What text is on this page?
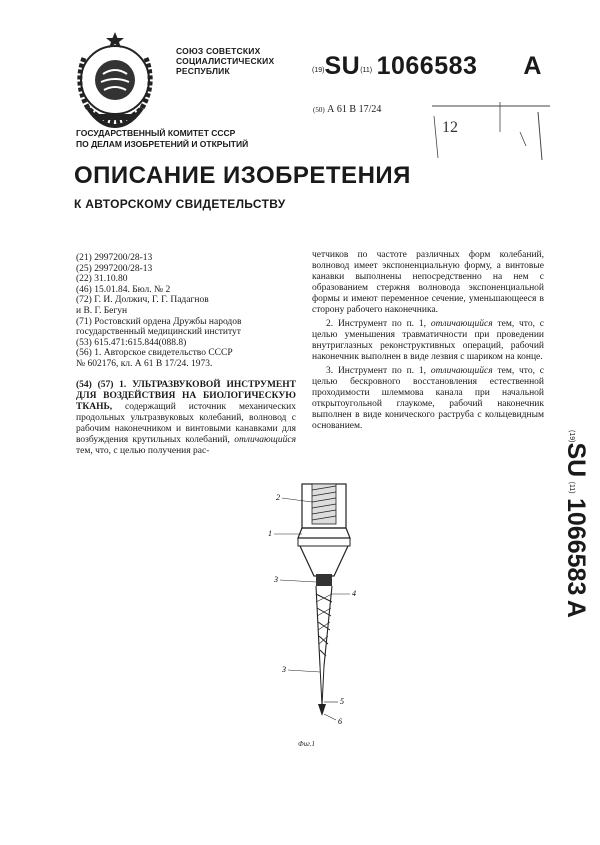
СОЮЗ СОВЕТСКИХ
СОЦИАЛИСТИЧЕСКИХ
РЕСПУБЛИК	(19)SU(11) 1066583 A
(50) А 61 В 17/24
12
ГОСУДАРСТВЕННЫЙ КОМИТЕТ СССР
ПО ДЕЛАМ ИЗОБРЕТЕНИЙ И ОТКРЫТИЙ
ОПИСАНИЕ ИЗОБРЕТЕНИЯ
К АВТОРСКОМУ СВИДЕТЕЛЬСТВУ
(21) 2997200/28-13
(25) 2997200/28-13
(22) 31.10.80
(46) 15.01.84. Бюл. № 2
(72) Г. И. Должич, Г. Г. Падагнов
и В. Г. Бегун
(71) Ростовский ордена Дружбы народов
государственный медицинский институт
(53) 615.471:615.844(088.8)
(56) 1. Авторское свидетельство СССР
№ 602176, кл. А 61 В 17/24. 1973.
(54) (57) 1. УЛЬТРАЗВУКОВОЙ ИНСТРУМЕНТ ДЛЯ ВОЗДЕЙСТВИЯ НА БИОЛОГИЧЕСКУЮ ТКАНЬ, содержащий источник механических продольных ультразвуковых колебаний, волновод с рабочим наконечником и винтовыми канавками для возбуждения крутильных колебаний, отличающийся тем, что, с целью получения рас-

четчиков по частоте различных форм колебаний, волновод имеет экспоненциальную форму, а винтовые канавки выполнены непосредственно на нем с образованием стержня волновода экспоненциальной формы и имеют переменное сечение, уменьшающееся в сторону рабочего наконечника.

2. Инструмент по п. 1, отличающийся тем, что, с целью уменьшения травматичности при проведении внутриглазных реконструктивных операций, рабочий наконечник выполнен в виде лезвия с шариком на конце.

3. Инструмент по п. 1, отличающийся тем, что, с целью бескровного восстановления естественной проходимости шлеммова канала при начальной открытоугольной глаукоме, рабочий наконечник выполнен в виде конического раструба с кольцевидным основанием.

(19)SU (11) 1066583 A
2
1
3
4
3
5
6
Фиг.1
